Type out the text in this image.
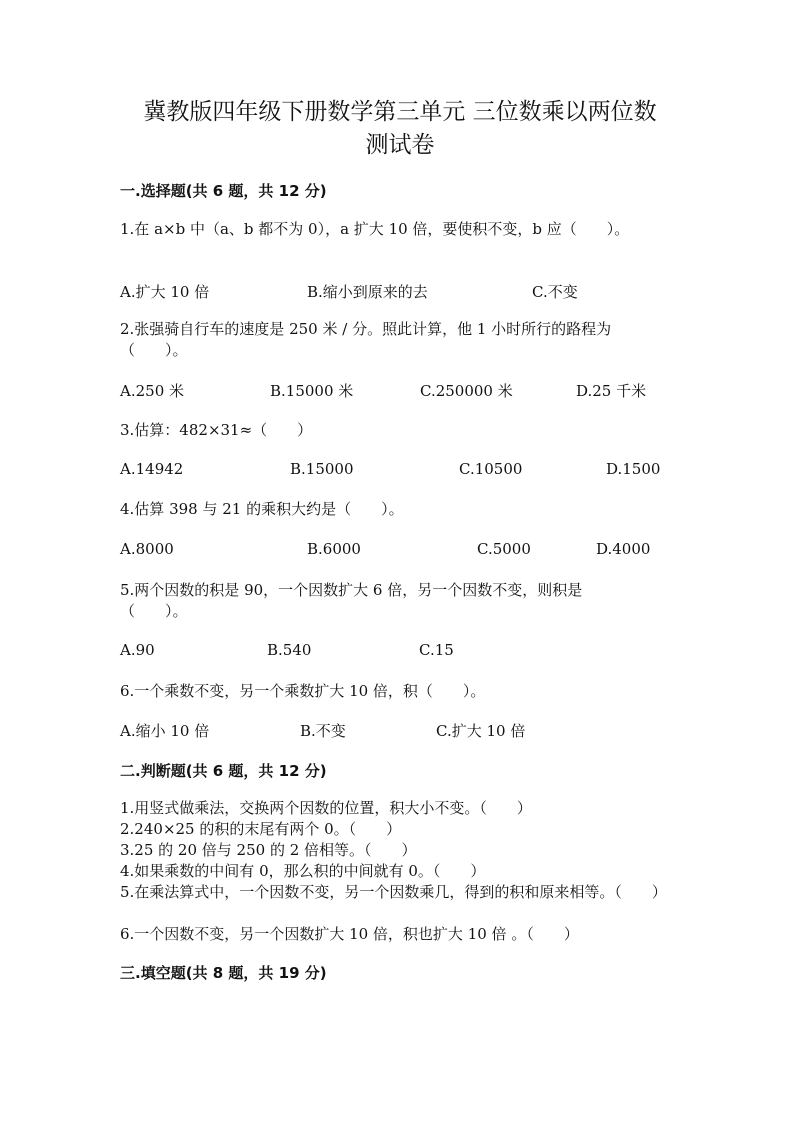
冀教版四年级下册数学第三单元 三位数乘以两位数
测试卷
一.选择题(共 6 题，共 12 分)
1.在 a×b 中（a、b 都不为 0），a 扩大 10 倍，要使积不变，b 应（　　）。
A.扩大 10 倍	B.缩小到原来的去	C.不变
2.张强骑自行车的速度是 250 米 / 分。照此计算，他 1 小时所行的路程为（　　）。
A.250 米	B.15000 米	C.250000 米	D.25 千米
3.估算：482×31≈（　　）
A.14942	B.15000	C.10500	D.1500
4.估算 398 与 21 的乘积大约是（　　）。
A.8000	B.6000	C.5000	D.4000
5.两个因数的积是 90，一个因数扩大 6 倍，另一个因数不变，则积是（　　）。
A.90	B.540	C.15
6.一个乘数不变，另一个乘数扩大 10 倍，积（　　）。
A.缩小 10 倍	B.不变	C.扩大 10 倍
二.判断题(共 6 题，共 12 分)
1.用竖式做乘法，交换两个因数的位置，积大小不变。（　　）
2.240×25 的积的末尾有两个 0。（　　）
3.25 的 20 倍与 250 的 2 倍相等。（　　）
4.如果乘数的中间有 0，那么积的中间就有 0。（　　）
5.在乘法算式中，一个因数不变，另一个因数乘几，得到的积和原来相等。（　　）
6.一个因数不变，另一个因数扩大 10 倍，积也扩大 10 倍 。（　　）
三.填空题(共 8 题，共 19 分)
